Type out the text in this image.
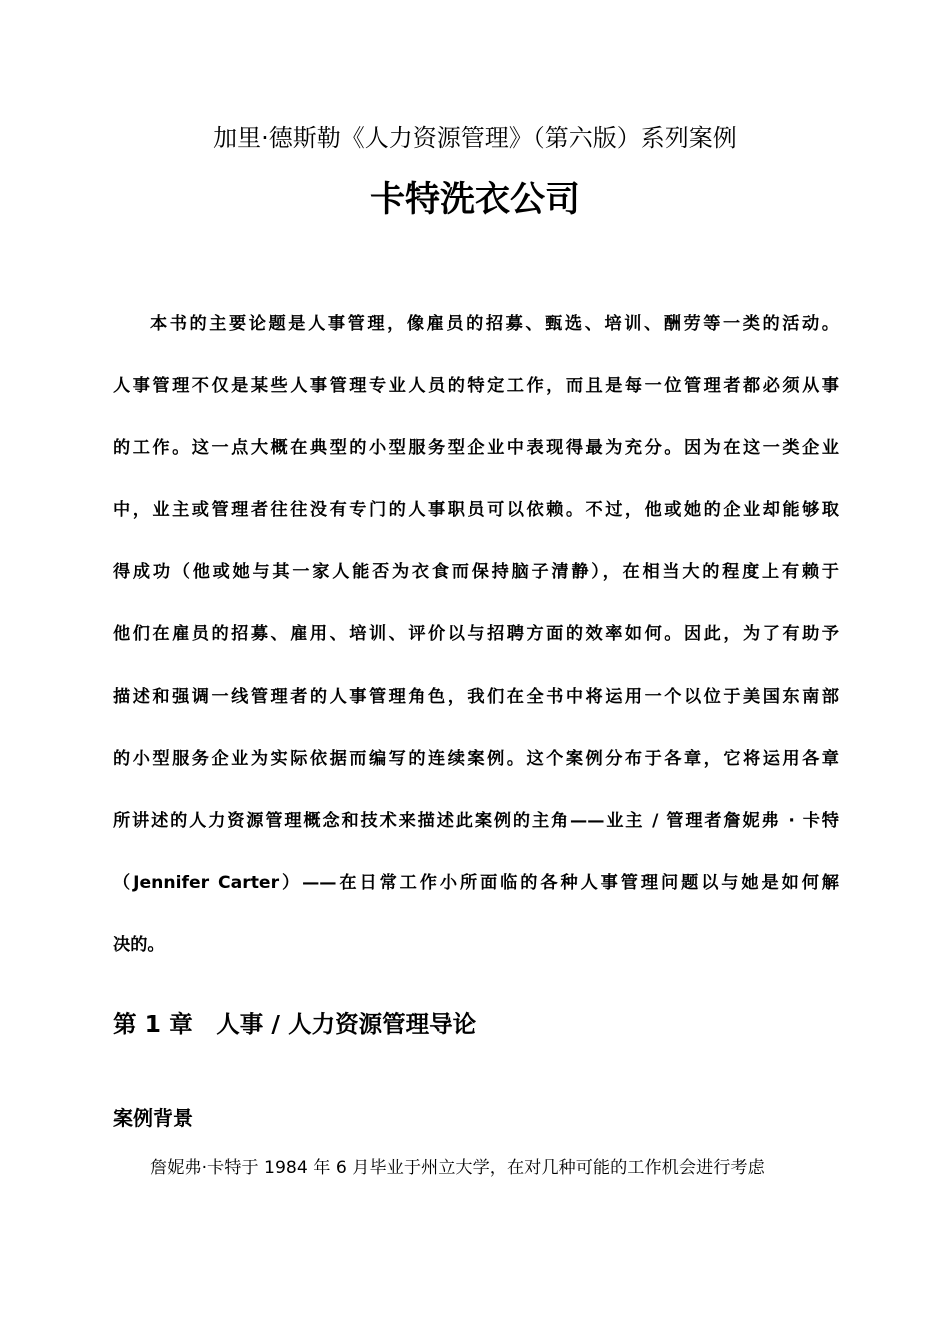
加里·德斯勒《人力资源管理》（第六版）系列案例
卡特洗衣公司
本书的主要论题是人事管理，像雇员的招募、甄选、培训、酬劳等一类的活动。
人事管理不仅是某些人事管理专业人员的特定工作，而且是每一位管理者都必须从事
的工作。这一点大概在典型的小型服务型企业中表现得最为充分。因为在这一类企业
中，业主或管理者往往没有专门的人事职员可以依赖。不过，他或她的企业却能够取
得成功（他或她与其一家人能否为衣食而保持脑子清静），在相当大的程度上有赖于
他们在雇员的招募、雇用、培训、评价以与招聘方面的效率如何。因此，为了有助予
描述和强调一线管理者的人事管理角色，我们在全书中将运用一个以位于美国东南部
的小型服务企业为实际依据而编写的连续案例。这个案例分布于各章，它将运用各章
所讲述的人力资源管理概念和技术来描述此案例的主角——业主 / 管理者詹妮弗 · 卡特
（Jennifer Carter）——在日常工作小所面临的各种人事管理问题以与她是如何解
决的。
第 1 章　人事 / 人力资源管理导论
案例背景
詹妮弗·卡特于 1984 年 6 月毕业于州立大学，在对几种可能的工作机会进行考虑
